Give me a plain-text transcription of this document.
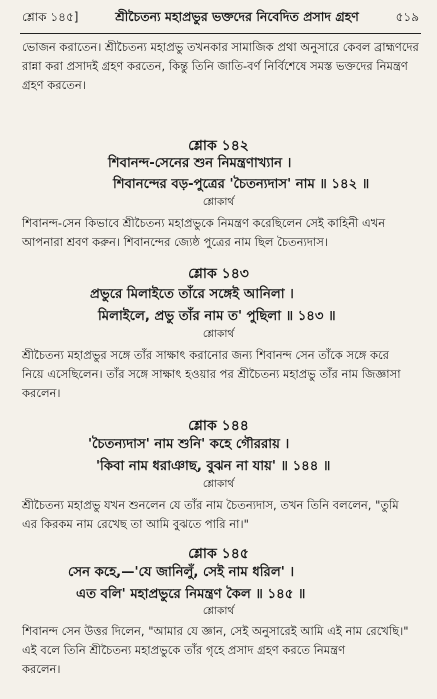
শ্লোক ১৪৫]	শ্রীচৈতন্য মহাপ্রভুর ভক্তদের নিবেদিত প্রসাদ গ্রহণ	৫১৯
ভোজন করাতেন। শ্রীচৈতন্য মহাপ্রভু তখনকার সামাজিক প্রথা অনুসারে কেবল ব্রাহ্মণদের
রান্না করা প্রসাদই গ্রহণ করতেন, কিন্তু তিনি জাতি-বর্ণ নির্বিশেষে সমস্ত ভক্তদের নিমন্ত্রণ
গ্রহণ করতেন।
শ্লোক ১৪২
শিবানন্দ-সেনের শুন নিমন্ত্রণাখ্যান ।
শিবানন্দের বড়-পুত্রের 'চৈতন্যদাস' নাম ॥ ১৪২ ॥
শ্লোকার্থ
শিবানন্দ-সেন কিভাবে শ্রীচৈতন্য মহাপ্রভুকে নিমন্ত্রণ করেছিলেন সেই কাহিনী এখন
আপনারা শ্রবণ করুন। শিবানন্দের জ্যেষ্ঠ পুত্রের নাম ছিল চৈতন্যদাস।
শ্লোক ১৪৩
প্রভুরে মিলাইতে তাঁরে সঙ্গেই আনিলা ।
মিলাইলে, প্রভু তাঁর নাম ত' পুছিলা ॥ ১৪৩ ॥
শ্লোকার্থ
শ্রীচৈতন্য মহাপ্রভুর সঙ্গে তাঁর সাক্ষাৎ করানোর জন্য শিবানন্দ সেন তাঁকে সঙ্গে করে
নিয়ে এসেছিলেন। তাঁর সঙ্গে সাক্ষাৎ হওয়ার পর শ্রীচৈতন্য মহাপ্রভু তাঁর নাম জিজ্ঞাসা
করলেন।
শ্লোক ১৪৪
'চৈতন্যদাস' নাম শুনি' কহে গৌররায় ।
'কিবা নাম ধরাঞাছ, বুঝন না যায়' ॥ ১৪৪ ॥
শ্লোকার্থ
শ্রীচৈতন্য মহাপ্রভু যখন শুনলেন যে তাঁর নাম চৈতন্যদাস, তখন তিনি বললেন, "তুমি
এর কিরকম নাম রেখেছ তা আমি বুঝতে পারি না।"
শ্লোক ১৪৫
সেন কহে,—'যে জানিলুঁ, সেই নাম ধরিল' ।
এত বলি' মহাপ্রভুরে নিমন্ত্রণ কৈল ॥ ১৪৫ ॥
শ্লোকার্থ
শিবানন্দ সেন উত্তর দিলেন, "আমার যে জ্ঞান, সেই অনুসারেই আমি এই নাম রেখেছি।"
এই বলে তিনি শ্রীচৈতন্য মহাপ্রভুকে তাঁর গৃহে প্রসাদ গ্রহণ করতে নিমন্ত্রণ
করলেন।
